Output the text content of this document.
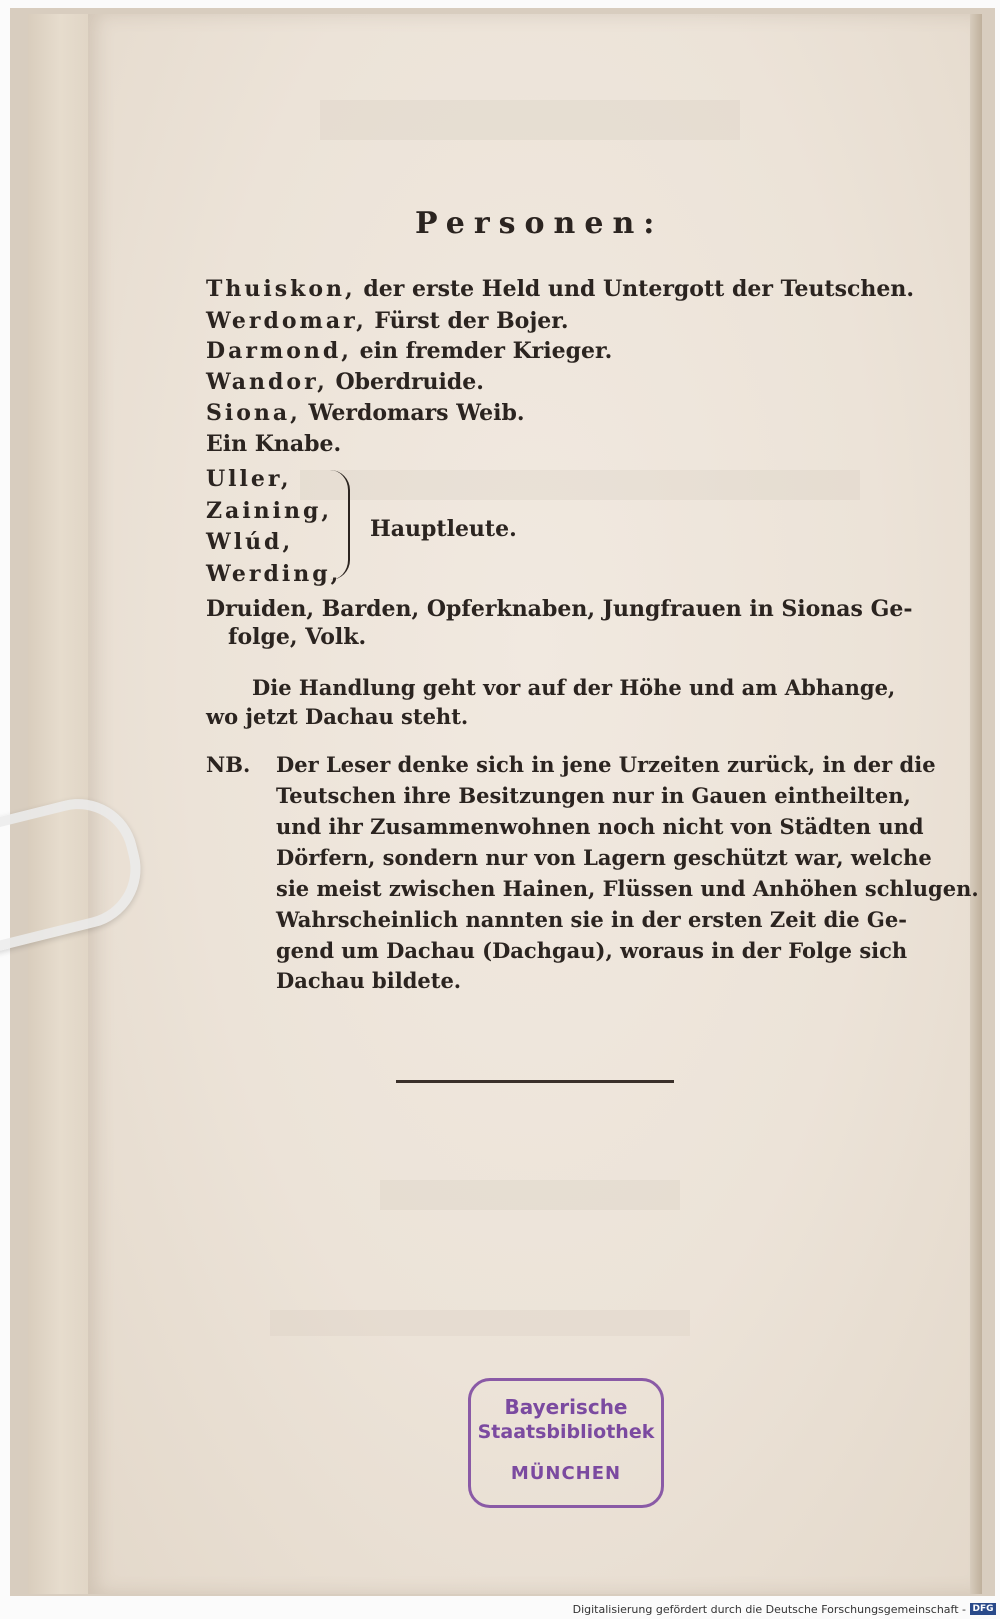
Personen:
Thuiskon, der erste Held und Untergott der Teutschen.
Werdomar, Fürst der Bojer.
Darmond, ein fremder Krieger.
Wandor, Oberdruide.
Siona, Werdomars Weib.
Ein Knabe.
Uller,
Zaining,
Wlúd,
Werding,
Hauptleute.
Druiden, Barden, Opferknaben, Jungfrauen in Sionas Ge-
folge, Volk.
Die Handlung geht vor auf der Höhe und am Abhange,
wo jetzt Dachau steht.
NB. Der Leser denke sich in jene Urzeiten zurück, in der die
Teutschen ihre Besitzungen nur in Gauen eintheilten,
und ihr Zusammenwohnen noch nicht von Städten und
Dörfern, sondern nur von Lagern geschützt war, welche
sie meist zwischen Hainen, Flüssen und Anhöhen schlugen.
Wahrscheinlich nannten sie in der ersten Zeit die Ge-
gend um Dachau (Dachgau), woraus in der Folge sich
Dachau bildete.
Bayerische
Staatsbibliothek
MÜNCHEN
Digitalisierung gefördert durch die Deutsche Forschungsgemeinschaft - DFG
